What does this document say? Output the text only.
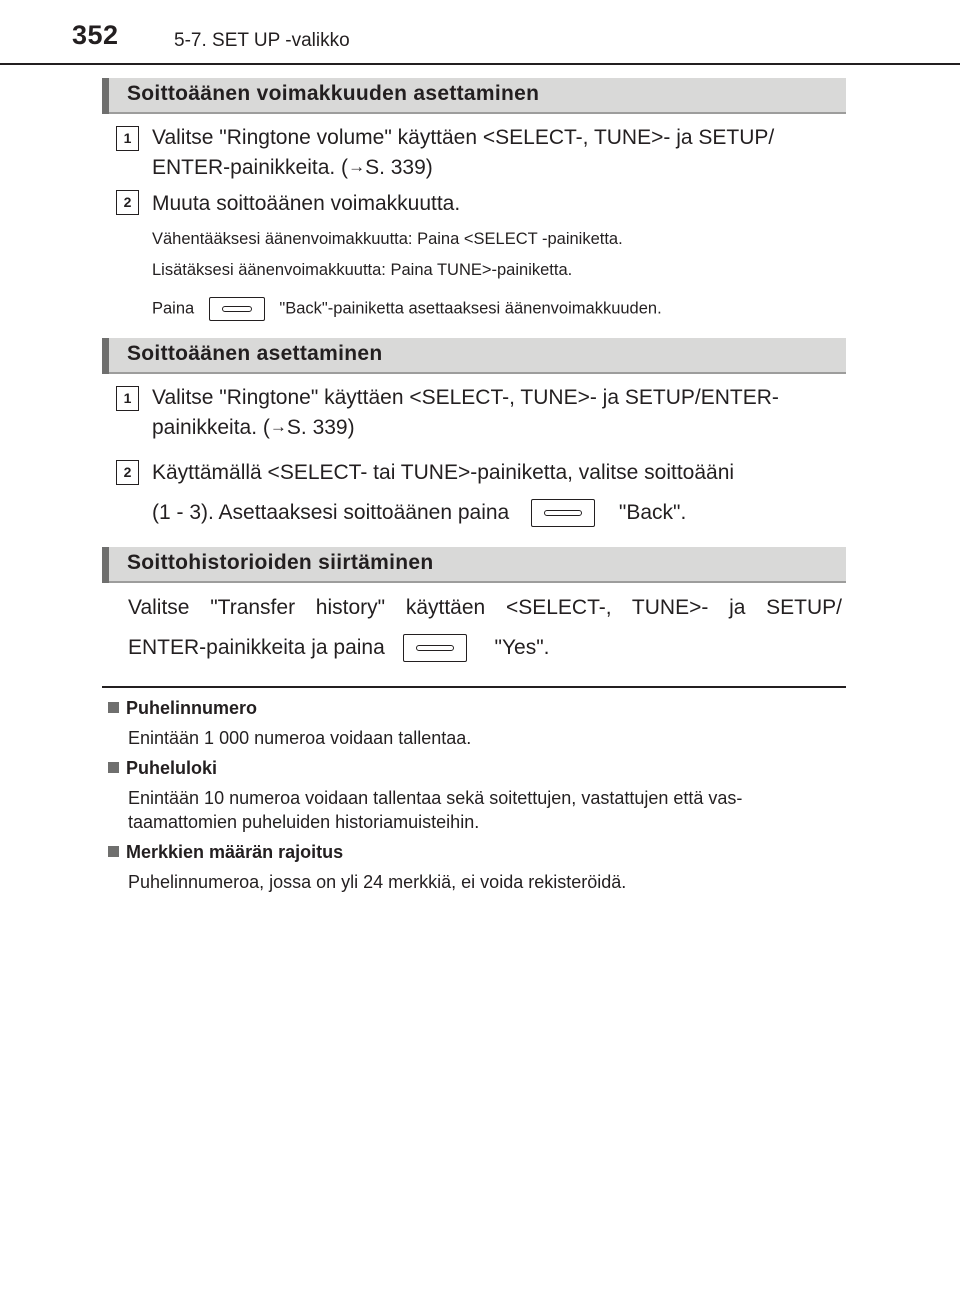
352	5-7. SET UP -valikko
Soittoäänen voimakkuuden asettaminen
1 Valitse "Ringtone volume" käyttäen <SELECT-, TUNE>- ja SETUP/
ENTER-painikkeita. (→S. 339)
2 Muuta soittoäänen voimakkuutta.
Vähentääksesi äänenvoimakkuutta: Paina <SELECT -painiketta.
Lisätäksesi äänenvoimakkuutta: Paina TUNE>-painiketta.
Paina	"Back"-painiketta asettaaksesi äänenvoimakkuuden.
Soittoäänen asettaminen
1 Valitse "Ringtone" käyttäen <SELECT-, TUNE>- ja SETUP/ENTER-
painikkeita. (→S. 339)
2 Käyttämällä <SELECT- tai TUNE>-painiketta, valitse soittoääni
(1 - 3). Asettaaksesi soittoäänen paina	"Back".
Soittohistorioiden siirtäminen
Valitse "Transfer history" käyttäen <SELECT-, TUNE>- ja SETUP/
ENTER-painikkeita ja paina	"Yes".
Puhelinnumero
Enintään 1 000 numeroa voidaan tallentaa.
Puheluloki
Enintään 10 numeroa voidaan tallentaa sekä soitettujen, vastattujen että vas-
taamattomien puheluiden historiamuisteihin.
Merkkien määrän rajoitus
Puhelinnumeroa, jossa on yli 24 merkkiä, ei voida rekisteröidä.
